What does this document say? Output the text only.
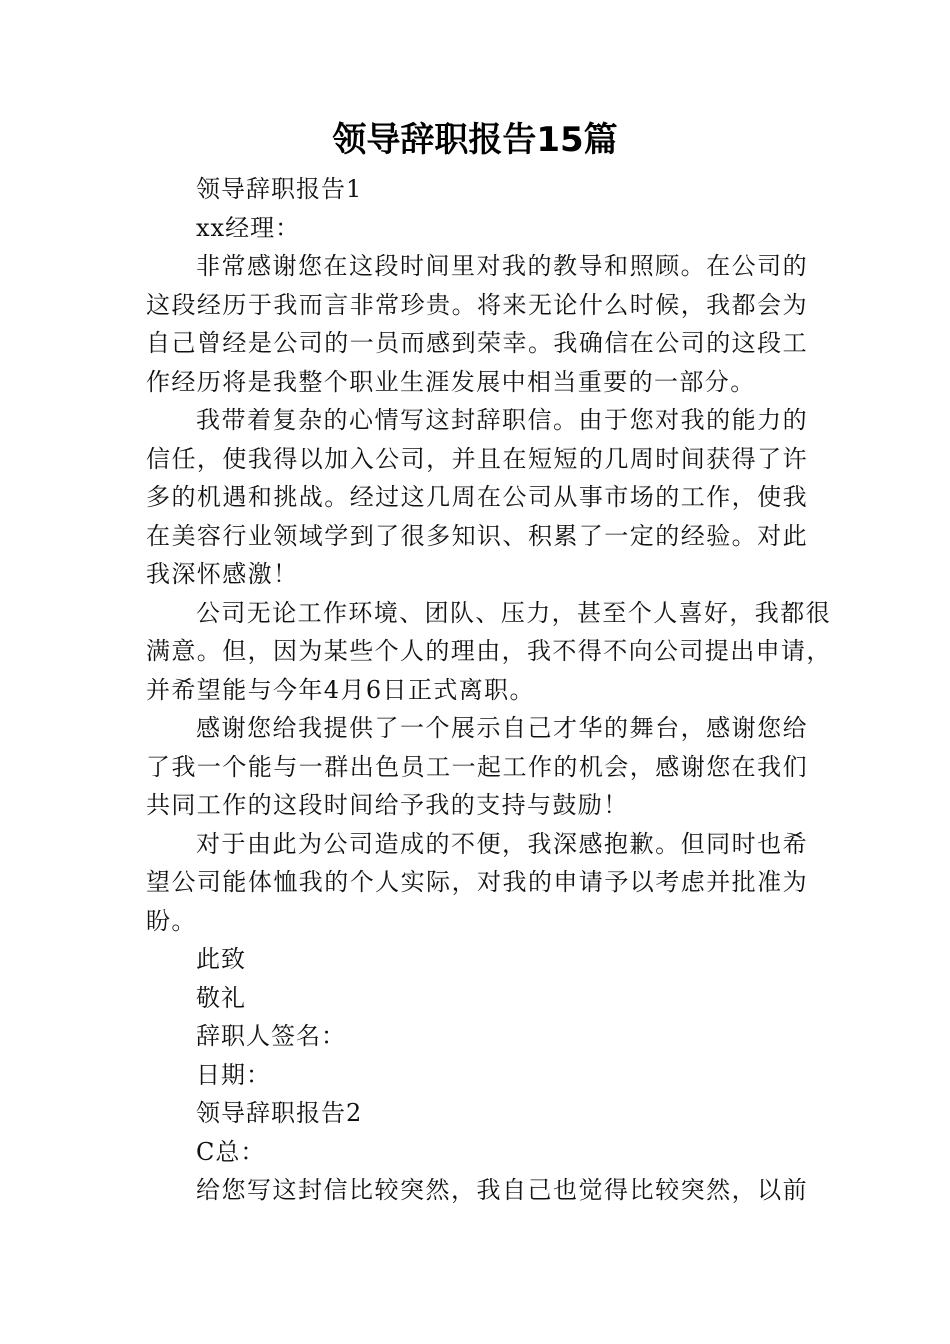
领导辞职报告15篇
领导辞职报告1
xx经理：
非常感谢您在这段时间里对我的教导和照顾。在公司的
这段经历于我而言非常珍贵。将来无论什么时候，我都会为
自己曾经是公司的一员而感到荣幸。我确信在公司的这段工
作经历将是我整个职业生涯发展中相当重要的一部分。
我带着复杂的心情写这封辞职信。由于您对我的能力的
信任，使我得以加入公司，并且在短短的几周时间获得了许
多的机遇和挑战。经过这几周在公司从事市场的工作，使我
在美容行业领域学到了很多知识、积累了一定的经验。对此
我深怀感激！
公司无论工作环境、团队、压力，甚至个人喜好，我都很
满意。但，因为某些个人的理由，我不得不向公司提出申请，
并希望能与今年4月6日正式离职。
感谢您给我提供了一个展示自己才华的舞台，感谢您给
了我一个能与一群出色员工一起工作的机会，感谢您在我们
共同工作的这段时间给予我的支持与鼓励！
对于由此为公司造成的不便，我深感抱歉。但同时也希
望公司能体恤我的个人实际，对我的申请予以考虑并批准为
盼。
此致
敬礼
辞职人签名：
日期：
领导辞职报告2
C总：
给您写这封信比较突然，我自己也觉得比较突然，以前
